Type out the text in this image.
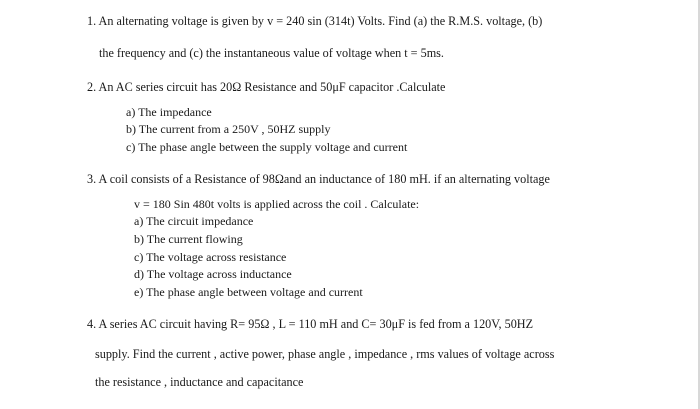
1. An alternating voltage is given by v = 240 sin (314t) Volts. Find (a) the R.M.S. voltage, (b)
the frequency and (c) the instantaneous value of voltage when t = 5ms.
2. An AC series circuit has 20Ω Resistance and 50μF capacitor .Calculate
a) The impedance
b) The current from a 250V , 50HZ supply
c) The phase angle between the supply voltage and current
3. A coil consists of a Resistance of 98Ωand an inductance of 180 mH. if an alternating voltage
v = 180 Sin 480t volts is applied across the coil . Calculate:
a) The circuit impedance
b) The current flowing
c) The voltage across resistance
d) The voltage across inductance
e) The phase angle between voltage and current
4. A series AC circuit having R= 95Ω , L = 110 mH and C= 30μF is fed from a 120V, 50HZ
supply. Find the current , active power, phase angle , impedance , rms values of voltage across
the resistance , inductance and capacitance
